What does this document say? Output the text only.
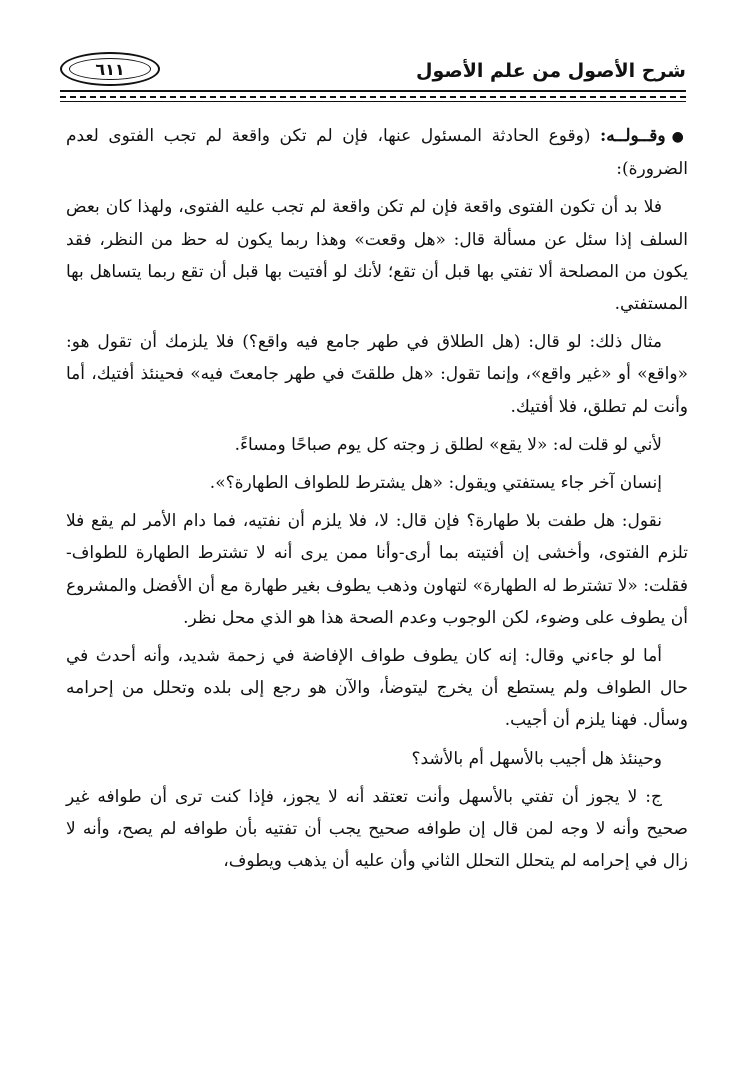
شرح الأصول من علم الأصول
٦١١

●وقــولــه: (وقوع الحادثة المسئول عنها، فإن لم تكن واقعة لم تجب الفتوى لعدم الضرورة):

فلا بد أن تكون الفتوى واقعة فإن لم تكن واقعة لم تجب عليه الفتوى، ولهذا كان بعض السلف إذا سئل عن مسألة قال: «هل وقعت» وهذا ربما يكون له حظ من النظر، فقد يكون من المصلحة ألا تفتي بها قبل أن تقع؛ لأنك لو أفتيت بها قبل أن تقع ربما يتساهل بها المستفتي.

مثال ذلك: لو قال: (هل الطلاق في طهر جامع فيه واقع؟) فلا يلزمك أن تقول هو: «واقع» أو «غير واقع»، وإنما تقول: «هل طلقتَ في طهر جامعتَ فيه» فحينئذ أفتيك، أما وأنت لم تطلق، فلا أفتيك.

لأني لو قلت له: «لا يقع» لطلق ز وجته كل يوم صباحًا ومساءً.

إنسان آخر جاء يستفتي ويقول: «هل يشترط للطواف الطهارة؟».

نقول: هل طفت بلا طهارة؟ فإن قال: لا، فلا يلزم أن نفتيه، فما دام الأمر لم يقع فلا تلزم الفتوى، وأخشى إن أفتيته بما أرى-وأنا ممن يرى أنه لا تشترط الطهارة للطواف-فقلت: «لا تشترط له الطهارة» لتهاون وذهب يطوف بغير طهارة مع أن الأفضل والمشروع أن يطوف على وضوء، لكن الوجوب وعدم الصحة هذا هو الذي محل نظر.

أما لو جاءني وقال: إنه كان يطوف طواف الإفاضة في زحمة شديد، وأنه أحدث في حال الطواف ولم يستطع أن يخرج ليتوضأ، والآن هو رجع إلى بلده وتحلل من إحرامه وسأل. فهنا يلزم أن أجيب.

وحينئذ هل أجيب بالأسهل أم بالأشد؟

ج: لا يجوز أن تفتي بالأسهل وأنت تعتقد أنه لا يجوز، فإذا كنت ترى أن طوافه غير صحيح وأنه لا وجه لمن قال إن طوافه صحيح يجب أن تفتيه بأن طوافه لم يصح، وأنه لا زال في إحرامه لم يتحلل التحلل الثاني وأن عليه أن يذهب ويطوف،
